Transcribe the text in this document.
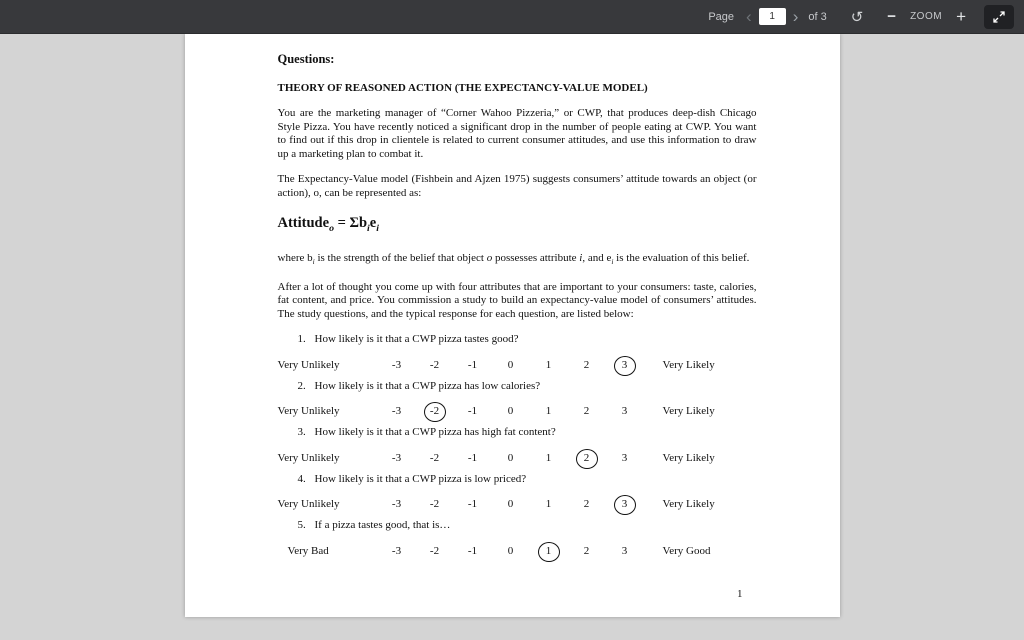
Page ‹
1 › of 3 ↺ − ZOOM +
Questions:
THEORY OF REASONED ACTION (THE EXPECTANCY-VALUE MODEL)

You are the marketing manager of “Corner Wahoo Pizzeria,” or CWP, that produces deep-dish Chicago Style Pizza. You have recently noticed a significant drop in the number of people eating at CWP. You want to find out if this drop in clientele is related to current consumer attitudes, and use this information to draw up a marketing plan to combat it.

The Expectancy-Value model (Fishbein and Ajzen 1975) suggests consumers’ attitude towards an object (or action), o, can be represented as:

Attitude$_o$ = $\Sigma b_ie_i$

where $b_i$ is the strength of the belief that object o possesses attribute i, and $e_i$ is the evaluation of this belief.

After a lot of thought you come up with four attributes that are important to your consumers: taste, calories, fat content, and price. You commission a study to build an expectancy-value model of consumers’ attitudes. The study questions, and the typical response for each question, are listed below:

1. How likely is it that a CWP pizza tastes good?
Very Unlikely	-3	-2	-1	0	1	2	3	Very Likely
2. How likely is it that a CWP pizza has low calories?
Very Unlikely	-3	-2	-1	0	1	2	3	Very Likely
3. How likely is it that a CWP pizza has high fat content?
Very Unlikely	-3	-2	-1	0	1	2	3	Very Likely
4. How likely is it that a CWP pizza is low priced?
Very Unlikely	-3	-2	-1	0	1	2	3	Very Likely
5. If a pizza tastes good, that is…
Very Bad	-3	-2	-1	0	1	2	3	Very Good
1
